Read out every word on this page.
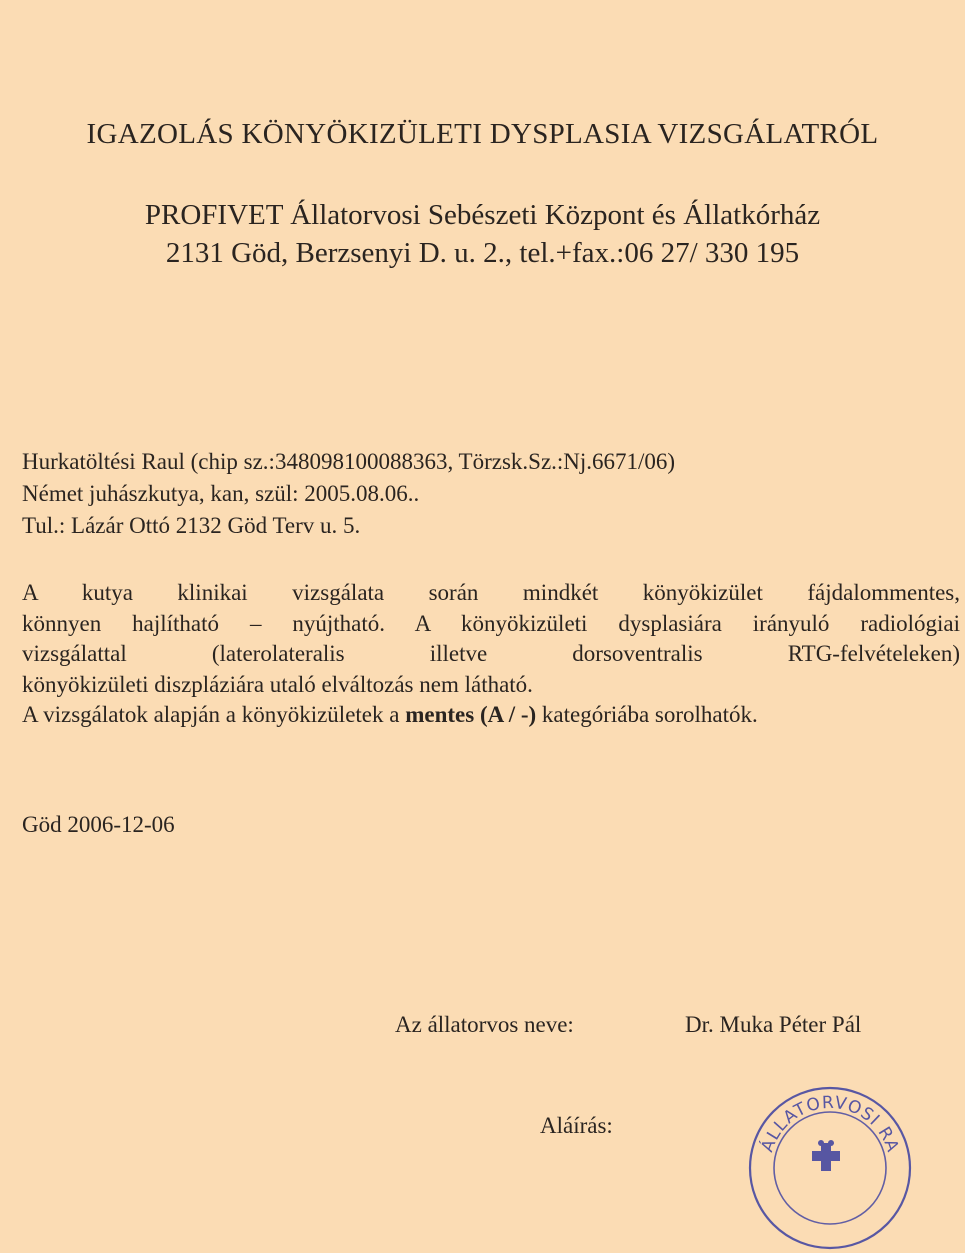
IGAZOLÁS KÖNYÖKIZÜLETI DYSPLASIA VIZSGÁLATRÓL
PROFIVET Állatorvosi Sebészeti Központ és Állatkórház
2131 Göd, Berzsenyi D. u. 2., tel.+fax.:06 27/ 330 195
Hurkatöltési Raul (chip sz.:348098100088363, Törzsk.Sz.:Nj.6671/06)
Német juhászkutya, kan, szül: 2005.08.06..
Tul.: Lázár Ottó 2132 Göd Terv u. 5.
A kutya klinikai vizsgálata során mindkét könyökizület fájdalommentes,
könnyen hajlítható – nyújtható. A könyökizületi dysplasiára irányuló radiológiai
vizsgálattal (laterolateralis illetve dorsoventralis RTG-felvételeken)
könyökizületi diszpláziára utaló elváltozás nem látható.
A vizsgálatok alapján a könyökizületek a mentes (A / -) kategóriába sorolhatók.
Göd 2006-12-06
Az állatorvos neve:	Dr. Muka Péter Pál
Aláírás:
ÁLLATORVOSI RA
